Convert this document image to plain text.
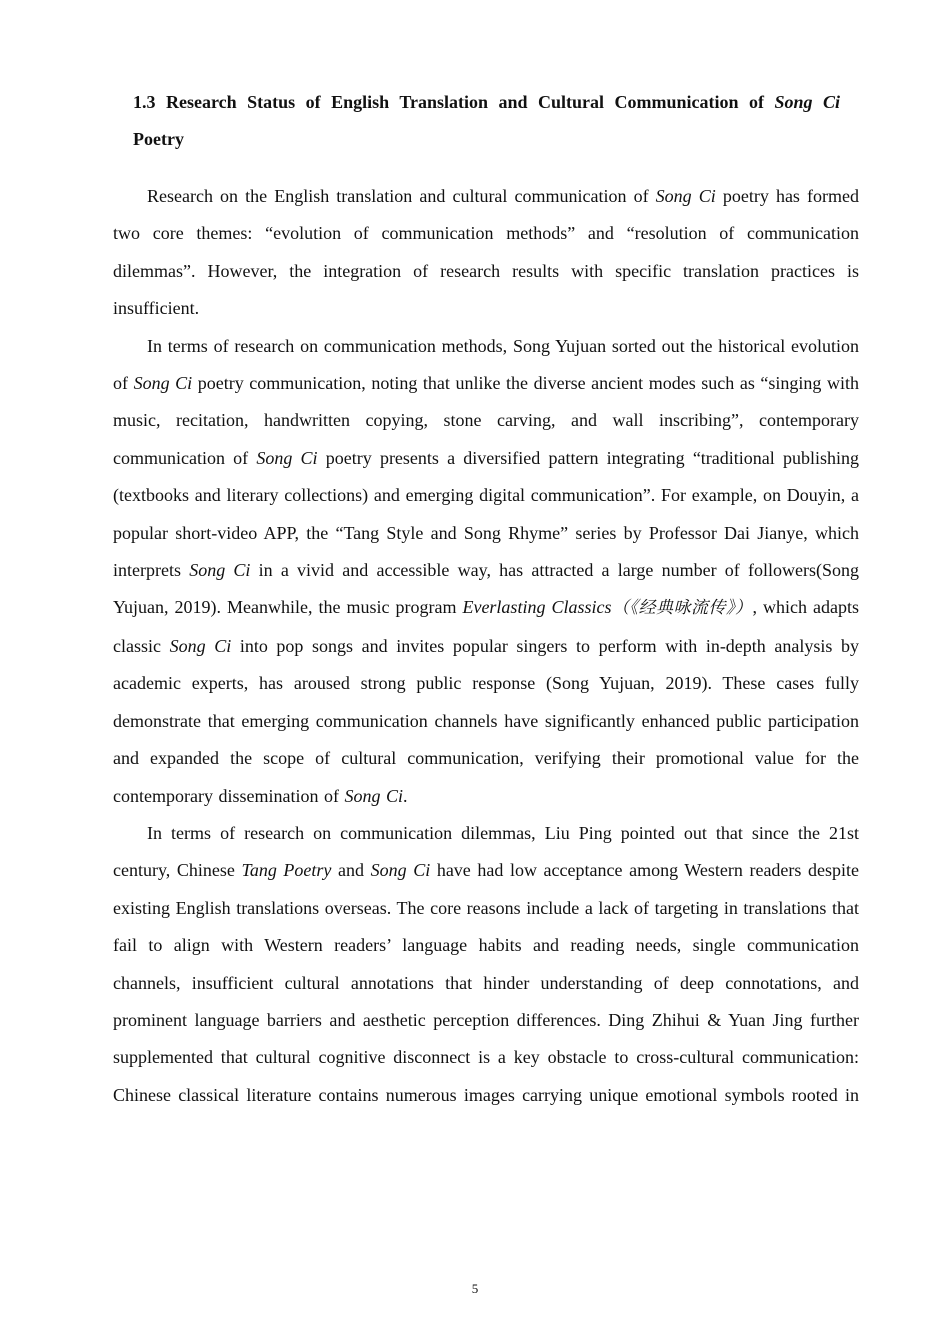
1.3 Research Status of English Translation and Cultural Communication of Song Ci Poetry

Research on the English translation and cultural communication of Song Ci poetry has formed two core themes: “evolution of communication methods” and “resolution of communication dilemmas”. However, the integration of research results with specific translation practices is insufficient.

In terms of research on communication methods, Song Yujuan sorted out the historical evolution of Song Ci poetry communication, noting that unlike the diverse ancient modes such as “singing with music, recitation, handwritten copying, stone carving, and wall inscribing”, contemporary communication of Song Ci poetry presents a diversified pattern integrating “traditional publishing (textbooks and literary collections) and emerging digital communication”. For example, on Douyin, a popular short-video APP, the “Tang Style and Song Rhyme” series by Professor Dai Jianye, which interprets Song Ci in a vivid and accessible way, has attracted a large number of followers(Song Yujuan, 2019). Meanwhile, the music program Everlasting Classics（《经典咏流传》）, which adapts classic Song Ci into pop songs and invites popular singers to perform with in-depth analysis by academic experts, has aroused strong public response (Song Yujuan, 2019). These cases fully demonstrate that emerging communication channels have significantly enhanced public participation and expanded the scope of cultural communication, verifying their promotional value for the contemporary dissemination of Song Ci.

In terms of research on communication dilemmas, Liu Ping pointed out that since the 21st century, Chinese Tang Poetry and Song Ci have had low acceptance among Western readers despite existing English translations overseas. The core reasons include a lack of targeting in translations that fail to align with Western readers’ language habits and reading needs, single communication channels, insufficient cultural annotations that hinder understanding of deep connotations, and prominent language barriers and aesthetic perception differences. Ding Zhihui & Yuan Jing further supplemented that cultural cognitive disconnect is a key obstacle to cross-cultural communication: Chinese classical literature contains numerous images carrying unique emotional symbols rooted in

5
